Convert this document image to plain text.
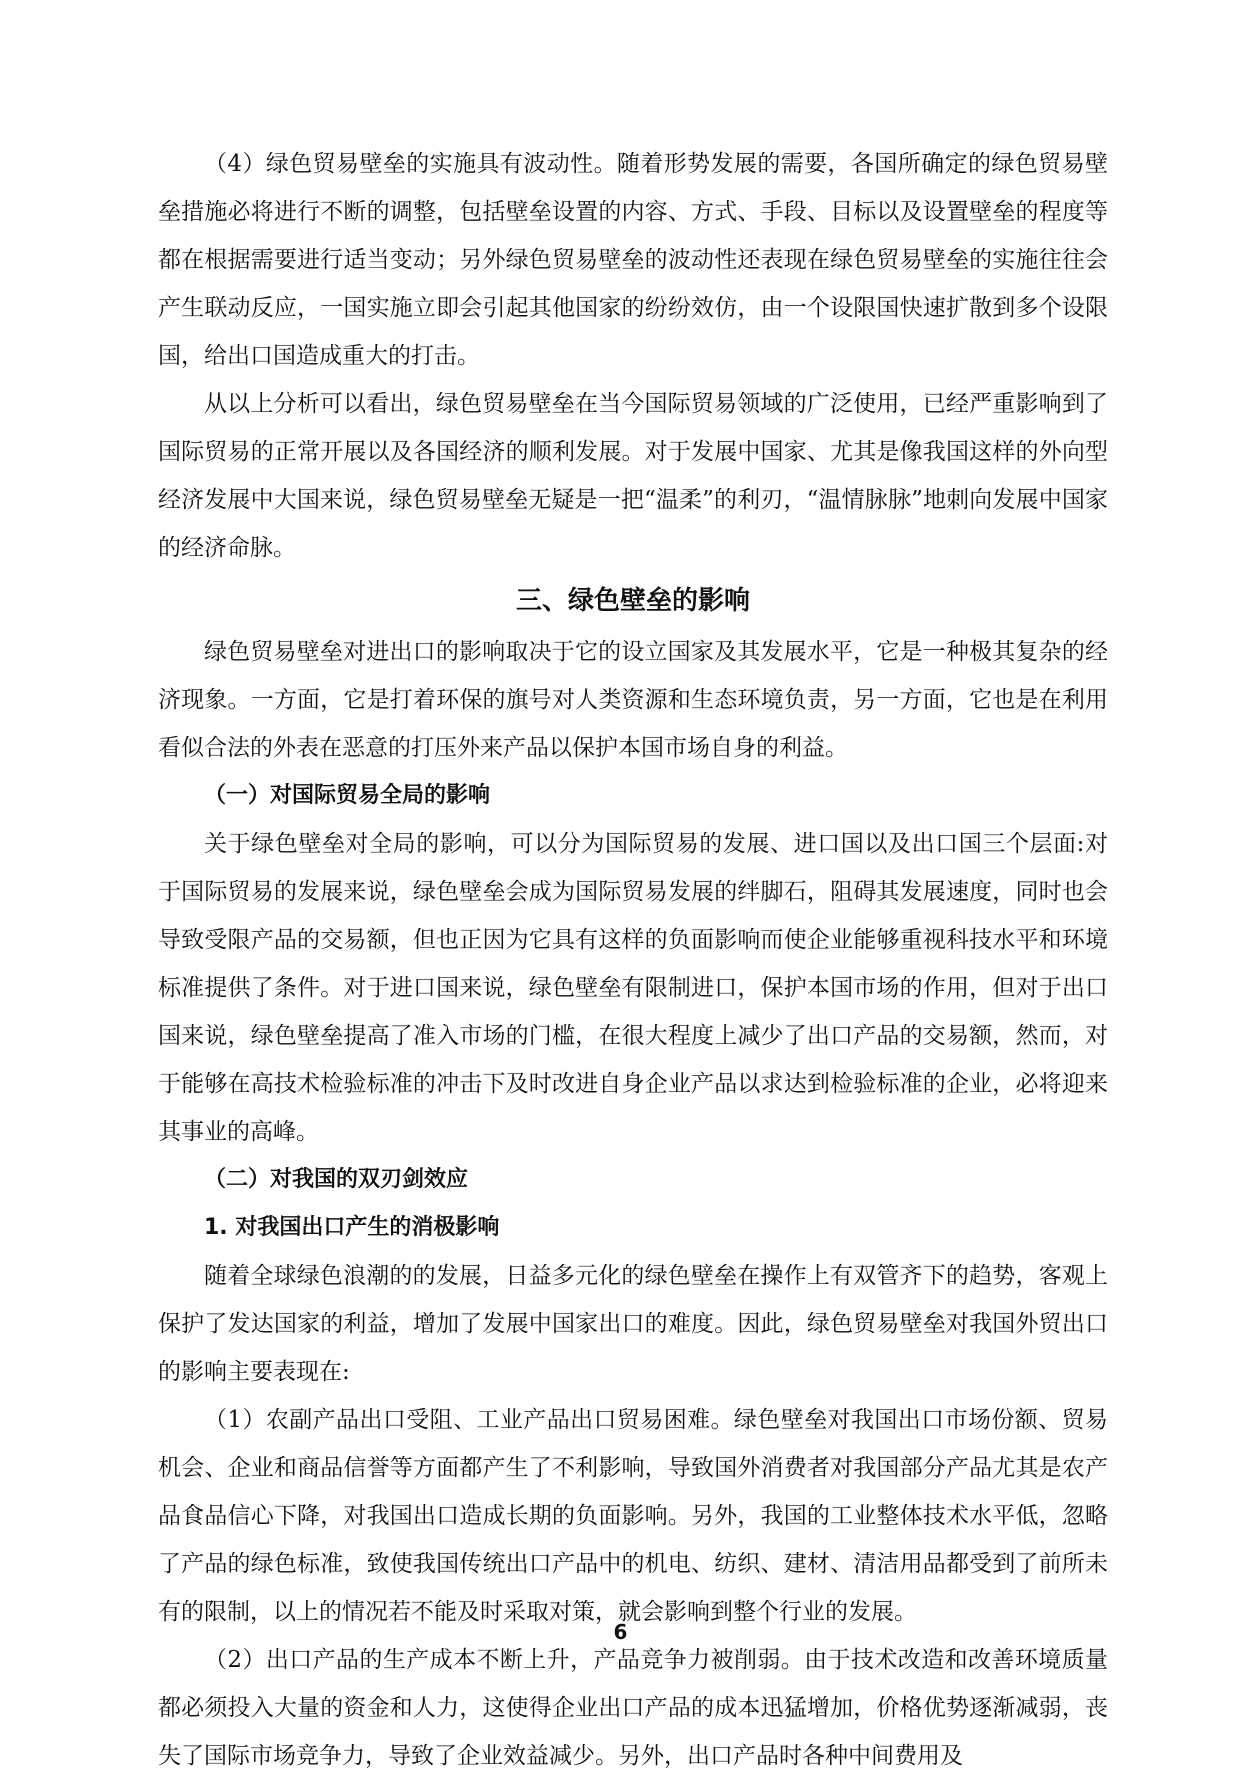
（4）绿色贸易壁垒的实施具有波动性。随着形势发展的需要，各国所确定的绿色贸易壁垒措施必将进行不断的调整，包括壁垒设置的内容、方式、手段、目标以及设置壁垒的程度等都在根据需要进行适当变动；另外绿色贸易壁垒的波动性还表现在绿色贸易壁垒的实施往往会产生联动反应，一国实施立即会引起其他国家的纷纷效仿，由一个设限国快速扩散到多个设限国，给出口国造成重大的打击。

从以上分析可以看出，绿色贸易壁垒在当今国际贸易领域的广泛使用，已经严重影响到了国际贸易的正常开展以及各国经济的顺利发展。对于发展中国家、尤其是像我国这样的外向型经济发展中大国来说，绿色贸易壁垒无疑是一把“温柔”的利刃，“温情脉脉”地刺向发展中国家的经济命脉。

三、绿色壁垒的影响

绿色贸易壁垒对进出口的影响取决于它的设立国家及其发展水平，它是一种极其复杂的经济现象。一方面，它是打着环保的旗号对人类资源和生态环境负责，另一方面，它也是在利用看似合法的外表在恶意的打压外来产品以保护本国市场自身的利益。

（一）对国际贸易全局的影响

关于绿色壁垒对全局的影响，可以分为国际贸易的发展、进口国以及出口国三个层面:对于国际贸易的发展来说，绿色壁垒会成为国际贸易发展的绊脚石，阻碍其发展速度，同时也会导致受限产品的交易额，但也正因为它具有这样的负面影响而使企业能够重视科技水平和环境标准提供了条件。对于进口国来说，绿色壁垒有限制进口，保护本国市场的作用，但对于出口国来说，绿色壁垒提高了准入市场的门槛，在很大程度上减少了出口产品的交易额，然而，对于能够在高技术检验标准的冲击下及时改进自身企业产品以求达到检验标准的企业，必将迎来其事业的高峰。

（二）对我国的双刃剑效应
1. 对我国出口产生的消极影响

随着全球绿色浪潮的的发展，日益多元化的绿色壁垒在操作上有双管齐下的趋势，客观上保护了发达国家的利益，增加了发展中国家出口的难度。因此，绿色贸易壁垒对我国外贸出口的影响主要表现在:

（1）农副产品出口受阻、工业产品出口贸易困难。绿色壁垒对我国出口市场份额、贸易机会、企业和商品信誉等方面都产生了不利影响，导致国外消费者对我国部分产品尤其是农产品食品信心下降，对我国出口造成长期的负面影响。另外，我国的工业整体技术水平低，忽略了产品的绿色标准，致使我国传统出口产品中的机电、纺织、建材、清洁用品都受到了前所未有的限制，以上的情况若不能及时采取对策，就会影响到整个行业的发展。

（2）出口产品的生产成本不断上升，产品竞争力被削弱。由于技术改造和改善环境质量都必须投入大量的资金和人力，这使得企业出口产品的成本迅猛增加，价格优势逐渐减弱，丧失了国际市场竞争力，导致了企业效益减少。另外，出口产品时各种中间费用及

6
